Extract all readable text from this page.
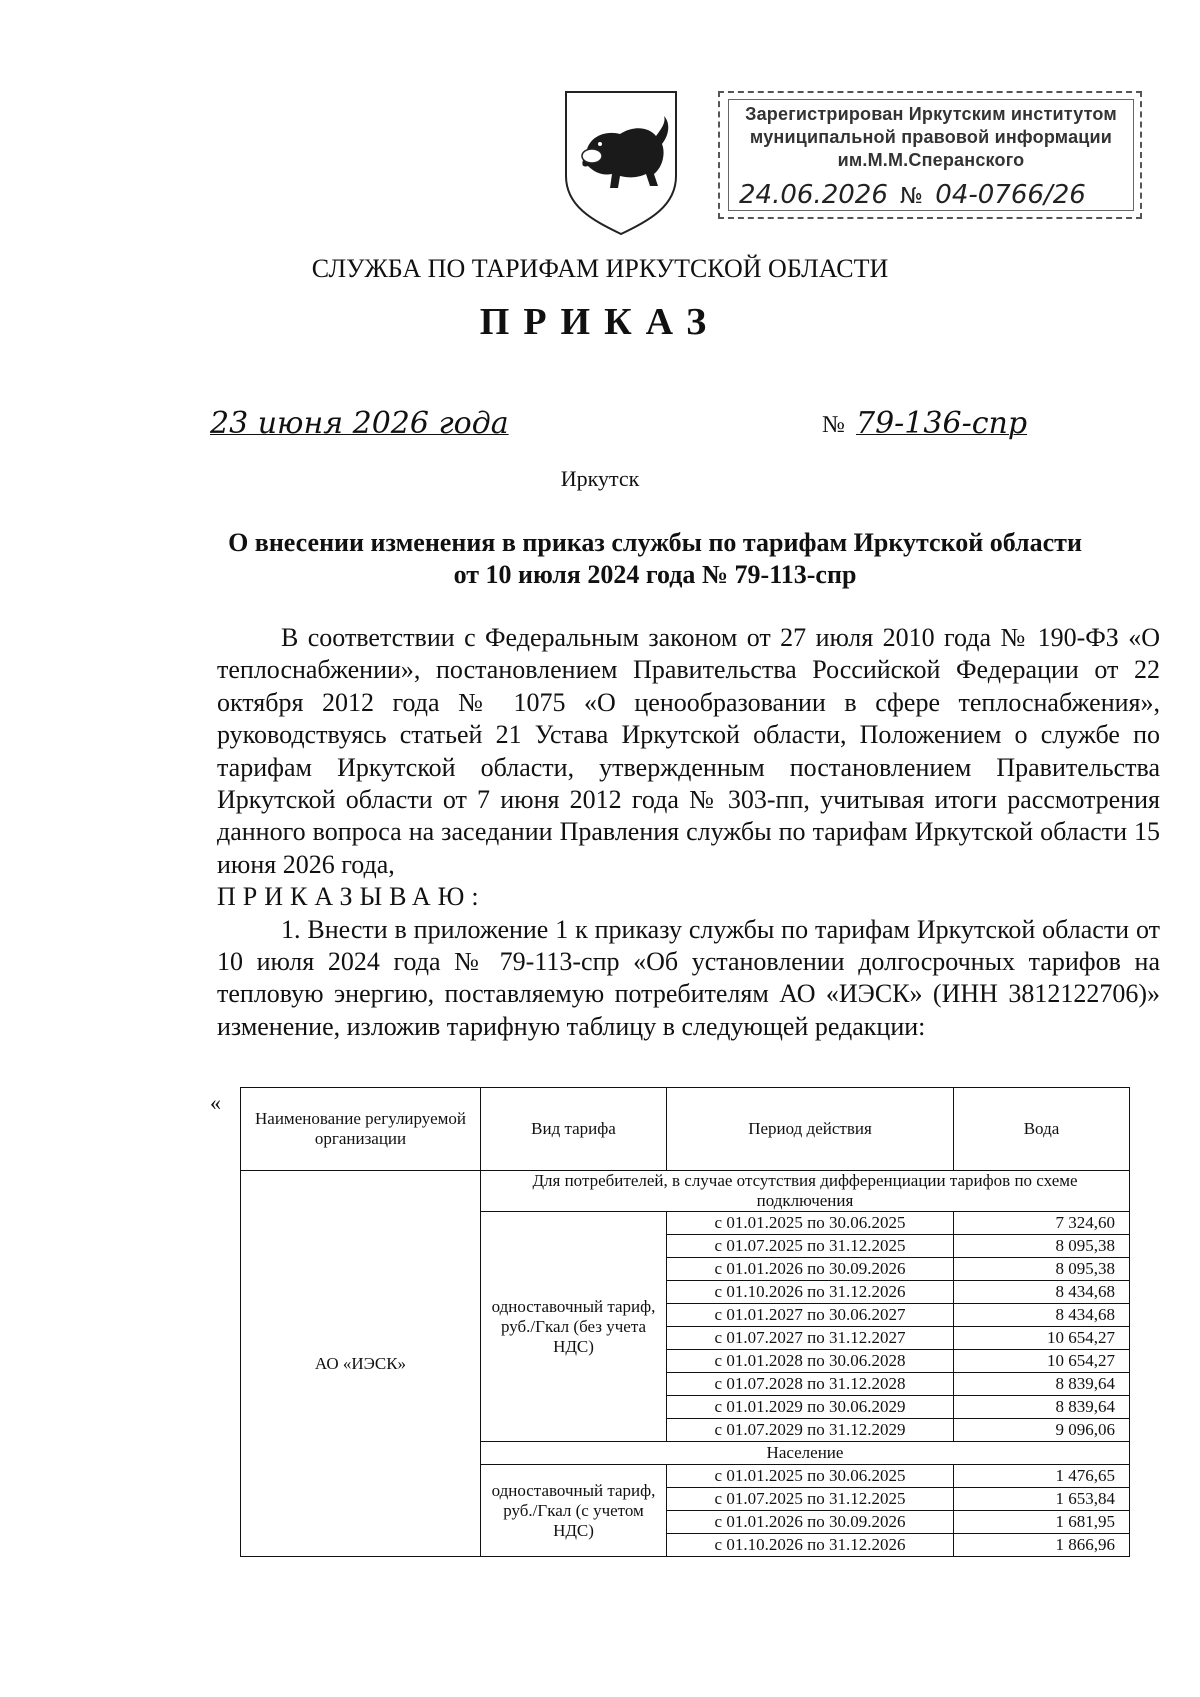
Зарегистрирован Иркутским институтом
муниципальной правовой информации
им.М.М.Сперанского
24.06.2026 № 04-0766/26
СЛУЖБА ПО ТАРИФАМ ИРКУТСКОЙ ОБЛАСТИ
ПРИКАЗ
23 июня 2026 года	№ 79-136-спр
Иркутск
О внесении изменения в приказ службы по тарифам Иркутской области
от 10 июля 2024 года № 79-113-спр

В соответствии с Федеральным законом от 27 июля 2010 года № 190-ФЗ «О теплоснабжении», постановлением Правительства Российской Федерации от 22 октября 2012 года № 1075 «О ценообразовании в сфере теплоснабжения», руководствуясь статьей 21 Устава Иркутской области, Положением о службе по тарифам Иркутской области, утвержденным постановлением Правительства Иркутской области от 7 июня 2012 года № 303-пп, учитывая итоги рассмотрения данного вопроса на заседании Правления службы по тарифам Иркутской области 15 июня 2026 года,

ПРИКАЗЫВАЮ:

1. Внести в приложение 1 к приказу службы по тарифам Иркутской области от 10 июля 2024 года № 79-113-спр «Об установлении долгосрочных тарифов на тепловую энергию, поставляемую потребителям АО «ИЭСК» (ИНН 3812122706)» изменение, изложив тарифную таблицу в следующей редакции:

«
Наименование регулируемой организации	Вид тарифа	Период действия	Вода
АО «ИЭСК»	Для потребителей, в случае отсутствия дифференциации тарифов по схеме подключения		
	одноставочный тариф, руб./Гкал (без учета НДС)	с 01.01.2025 по 30.06.2025	7 324,60
		с 01.07.2025 по 31.12.2025	8 095,38
		с 01.01.2026 по 30.09.2026	8 095,38
		с 01.10.2026 по 31.12.2026	8 434,68
		с 01.01.2027 по 30.06.2027	8 434,68
		с 01.07.2027 по 31.12.2027	10 654,27
		с 01.01.2028 по 30.06.2028	10 654,27
		с 01.07.2028 по 31.12.2028	8 839,64
		с 01.01.2029 по 30.06.2029	8 839,64
		с 01.07.2029 по 31.12.2029	9 096,06
	Население		
	одноставочный тариф, руб./Гкал (с учетом НДС)	с 01.01.2025 по 30.06.2025	1 476,65
		с 01.07.2025 по 31.12.2025	1 653,84
		с 01.01.2026 по 30.09.2026	1 681,95
		с 01.10.2026 по 31.12.2026	1 866,96
